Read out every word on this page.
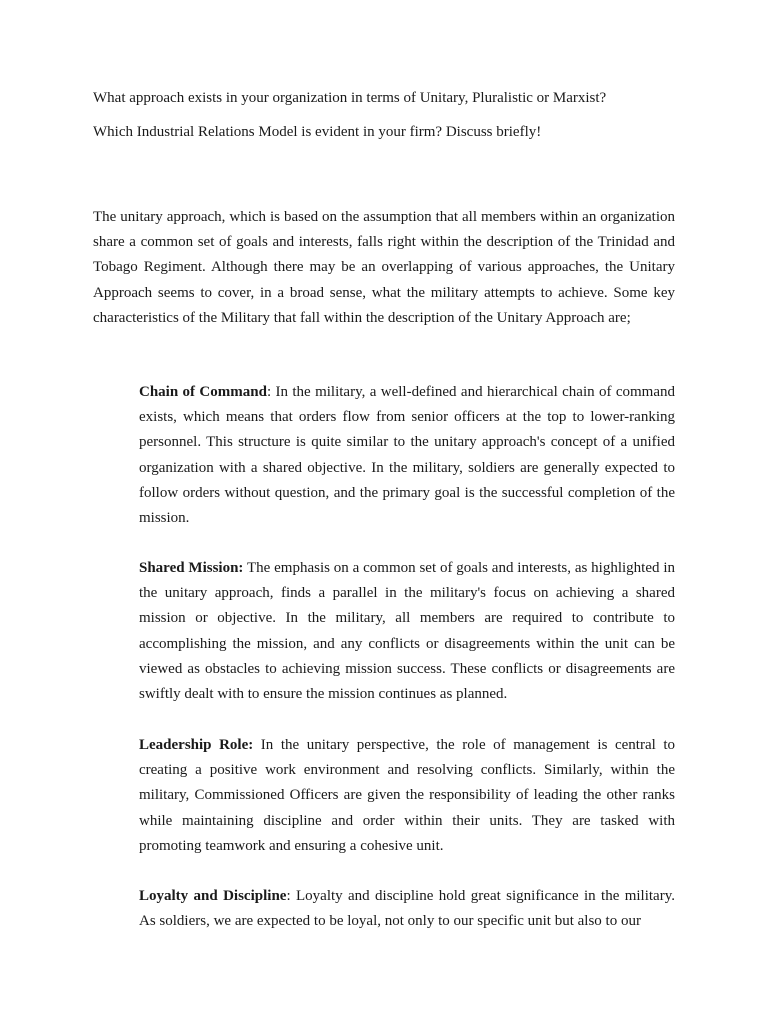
What approach exists in your organization in terms of Unitary, Pluralistic or Marxist?
Which Industrial Relations Model is evident in your firm? Discuss briefly!

The unitary approach, which is based on the assumption that all members within an organization share a common set of goals and interests, falls right within the description of the Trinidad and Tobago Regiment. Although there may be an overlapping of various approaches, the Unitary Approach seems to cover, in a broad sense, what the military attempts to achieve. Some key characteristics of the Military that fall within the description of the Unitary Approach are;

Chain of Command: In the military, a well-defined and hierarchical chain of command exists, which means that orders flow from senior officers at the top to lower-ranking personnel. This structure is quite similar to the unitary approach's concept of a unified organization with a shared objective. In the military, soldiers are generally expected to follow orders without question, and the primary goal is the successful completion of the mission.

Shared Mission: The emphasis on a common set of goals and interests, as highlighted in the unitary approach, finds a parallel in the military's focus on achieving a shared mission or objective. In the military, all members are required to contribute to accomplishing the mission, and any conflicts or disagreements within the unit can be viewed as obstacles to achieving mission success. These conflicts or disagreements are swiftly dealt with to ensure the mission continues as planned.

Leadership Role: In the unitary perspective, the role of management is central to creating a positive work environment and resolving conflicts. Similarly, within the military, Commissioned Officers are given the responsibility of leading the other ranks while maintaining discipline and order within their units. They are tasked with promoting teamwork and ensuring a cohesive unit.

Loyalty and Discipline: Loyalty and discipline hold great significance in the military. As soldiers, we are expected to be loyal, not only to our specific unit but also to our
